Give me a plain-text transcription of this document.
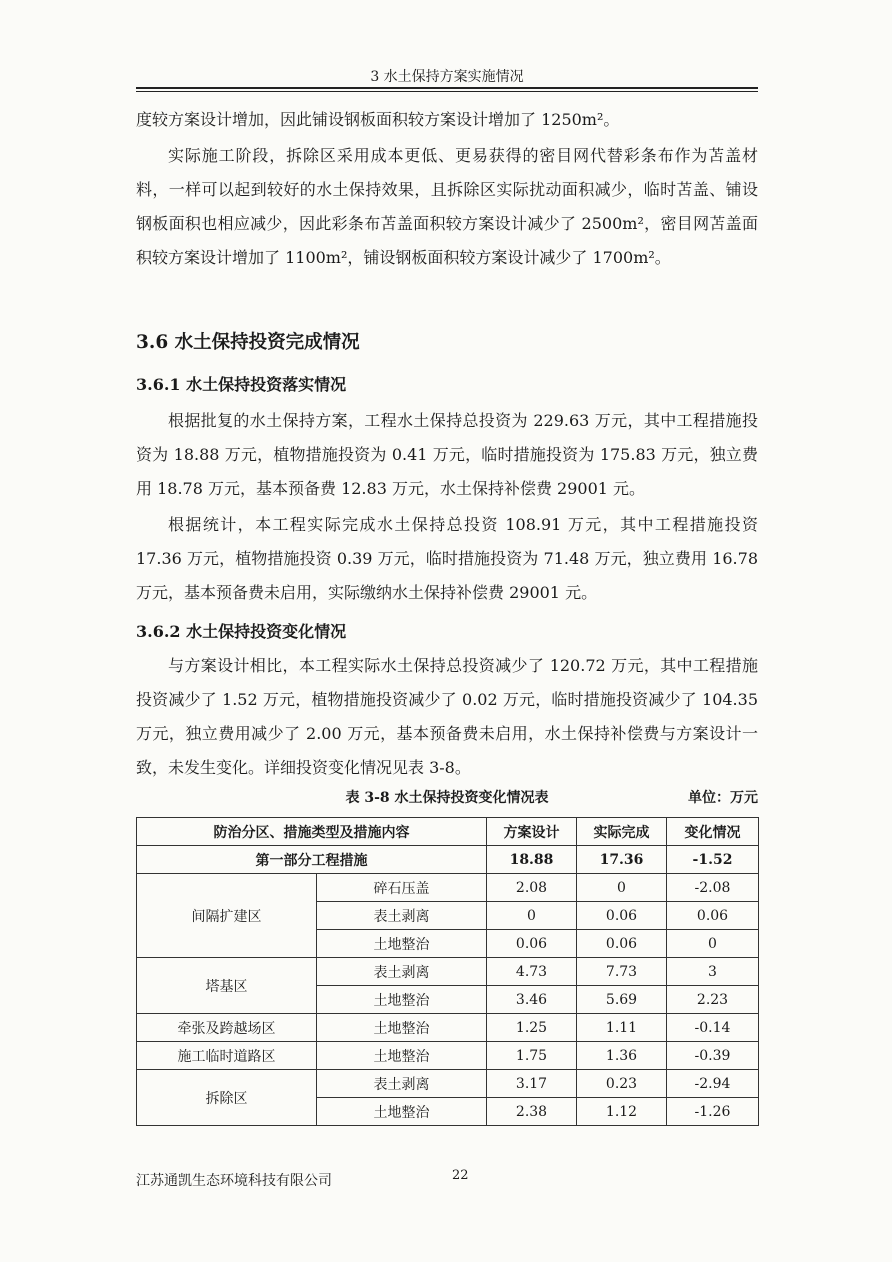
3 水土保持方案实施情况

度较方案设计增加，因此铺设钢板面积较方案设计增加了 1250m²。

实际施工阶段，拆除区采用成本更低、更易获得的密目网代替彩条布作为苫盖材料，一样可以起到较好的水土保持效果，且拆除区实际扰动面积减少，临时苫盖、铺设钢板面积也相应减少，因此彩条布苫盖面积较方案设计减少了 2500m²，密目网苫盖面积较方案设计增加了 1100m²，铺设钢板面积较方案设计减少了 1700m²。

3.6 水土保持投资完成情况
3.6.1 水土保持投资落实情况

根据批复的水土保持方案，工程水土保持总投资为 229.63 万元，其中工程措施投资为 18.88 万元，植物措施投资为 0.41 万元，临时措施投资为 175.83 万元，独立费用 18.78 万元，基本预备费 12.83 万元，水土保持补偿费 29001 元。

根据统计，本工程实际完成水土保持总投资 108.91 万元，其中工程措施投资 17.36 万元，植物措施投资 0.39 万元，临时措施投资为 71.48 万元，独立费用 16.78 万元，基本预备费未启用，实际缴纳水土保持补偿费 29001 元。

3.6.2 水土保持投资变化情况

与方案设计相比，本工程实际水土保持总投资减少了 120.72 万元，其中工程措施投资减少了 1.52 万元，植物措施投资减少了 0.02 万元，临时措施投资减少了 104.35 万元，独立费用减少了 2.00 万元，基本预备费未启用，水土保持补偿费与方案设计一致，未发生变化。详细投资变化情况见表 3-8。

表 3-8 水土保持投资变化情况表	单位：万元
防治分区、措施类型及措施内容		方案设计	实际完成	变化情况
第一部分工程措施		18.88	17.36	-1.52
间隔扩建区	碎石压盖	2.08	0	-2.08
	表土剥离	0	0.06	0.06
	土地整治	0.06	0.06	0
塔基区	表土剥离	4.73	7.73	3
	土地整治	3.46	5.69	2.23
牵张及跨越场区	土地整治	1.25	1.11	-0.14
施工临时道路区	土地整治	1.75	1.36	-0.39
拆除区	表土剥离	3.17	0.23	-2.94
	土地整治	2.38	1.12	-1.26
江苏通凯生态环境科技有限公司	22
